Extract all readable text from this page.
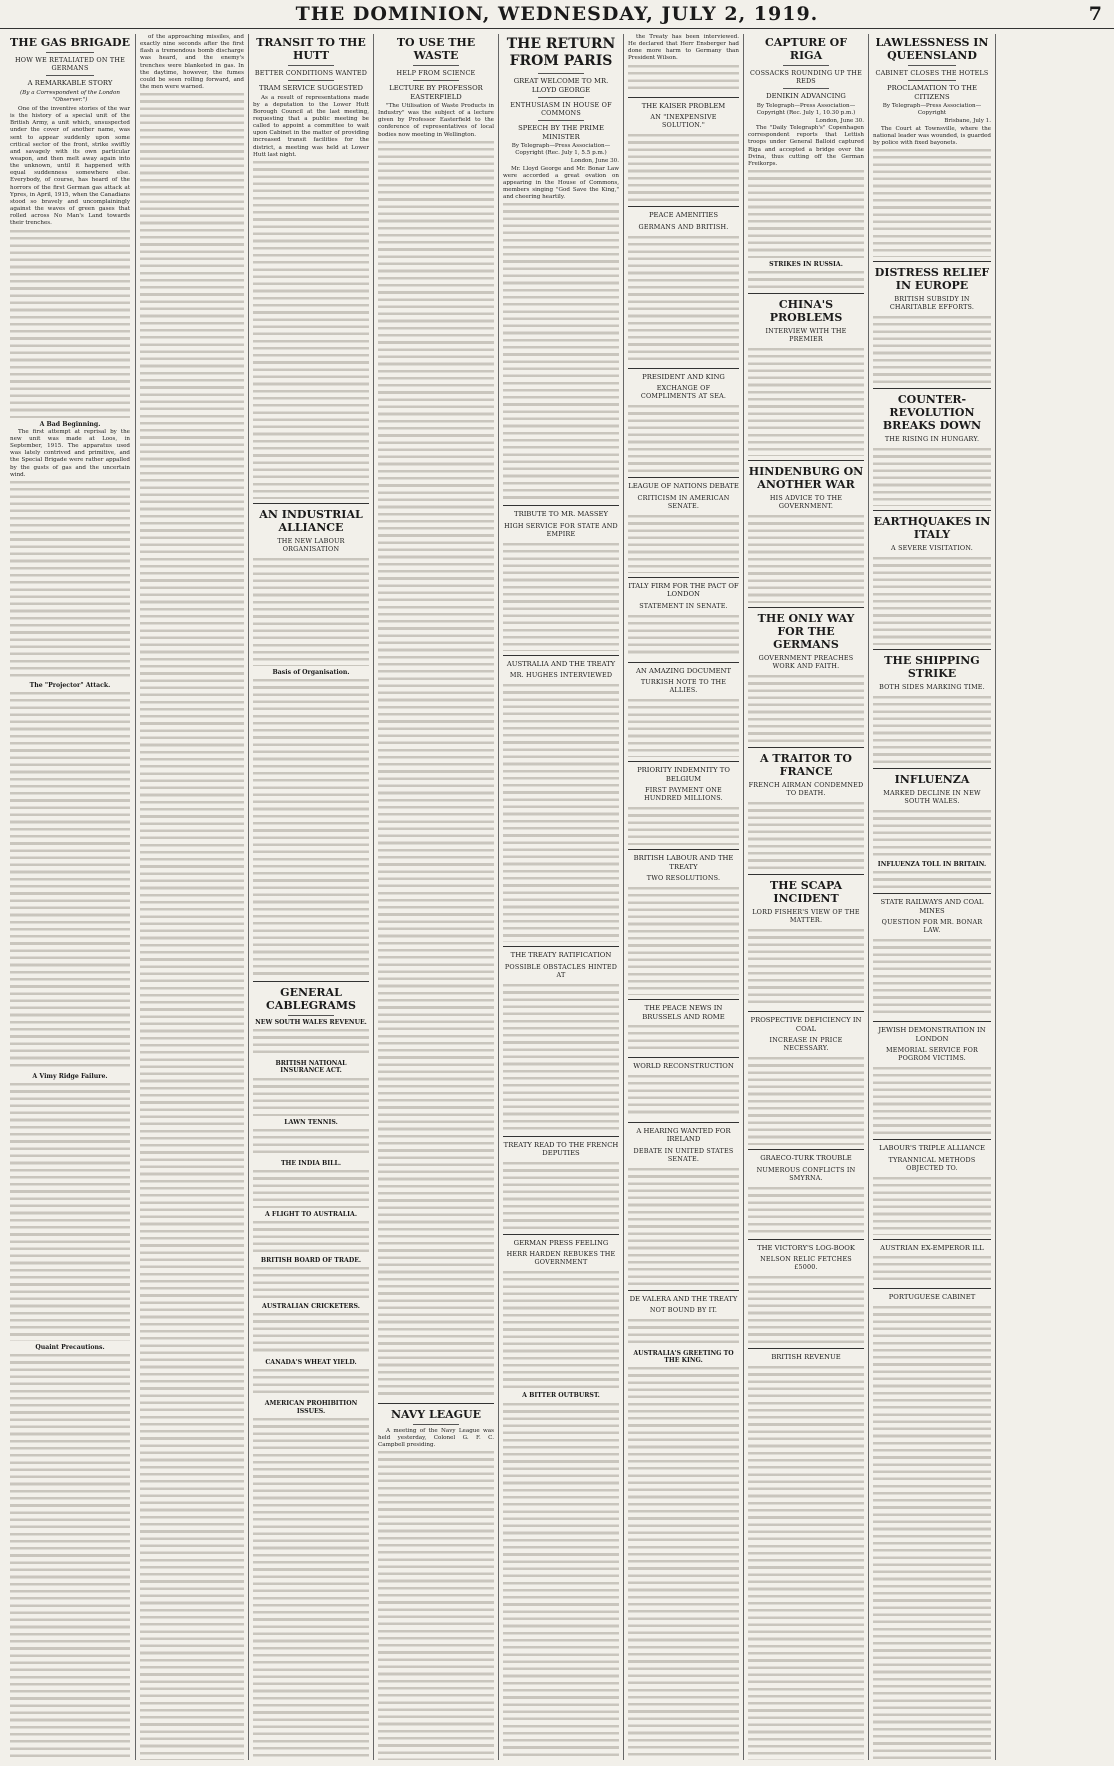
THE DOMINION, WEDNESDAY, JULY 2, 1919.	7
THE GAS BRIGADE
HOW WE RETALIATED ON THE GERMANS
A REMARKABLE STORY
(By a Correspondent of the London "Observer.")

One of the inventive stories of the war is the history of a special unit of the British Army, a unit which, unsuspected under the cover of another name, was sent to appear suddenly upon some critical sector of the front, strike swiftly and savagely with its own particular weapon, and then melt away again into the unknown, until it happened with equal suddenness somewhere else. Everybody, of course, has heard of the horrors of the first German gas attack at Ypres, in April, 1915, when the Canadians stood so bravely and uncomplainingly against the waves of green gases that rolled across No Man's Land towards their trenches.

A Bad Beginning.

The first attempt at reprisal by the new unit was made at Loos, in September, 1915. The apparatus used was lately contrived and primitive, and the Special Brigade were rather appalled by the gusts of gas and the uncertain wind.

The "Projector" Attack.
A Vimy Ridge Failure.
Quaint Precautions.

of the approaching missiles, and exactly nine seconds after the first flash a tremendous bomb discharge was heard, and the enemy's trenches were blanketed in gas. In the daytime, however, the fumes could be seen rolling forward, and the men were warned.

TRANSIT TO THE HUTT
BETTER CONDITIONS WANTED
TRAM SERVICE SUGGESTED

As a result of representations made by a deputation to the Lower Hutt Borough Council at the last meeting, requesting that a public meeting be called to appoint a committee to wait upon Cabinet in the matter of providing increased transit facilities for the district, a meeting was held at Lower Hutt last night.

AN INDUSTRIAL ALLIANCE
THE NEW LABOUR ORGANISATION
Basis of Organisation.
GENERAL CABLEGRAMS
NEW SOUTH WALES REVENUE.
BRITISH NATIONAL INSURANCE ACT.
LAWN TENNIS.
THE INDIA BILL.
A FLIGHT TO AUSTRALIA.
BRITISH BOARD OF TRADE.
AUSTRALIAN CRICKETERS.
CANADA'S WHEAT YIELD.
AMERICAN PROHIBITION ISSUES.
TO USE THE WASTE
HELP FROM SCIENCE
LECTURE BY PROFESSOR EASTERFIELD

"The Utilisation of Waste Products in Industry" was the subject of a lecture given by Professor Easterfield to the conference of representatives of local bodies now meeting in Wellington.

NAVY LEAGUE

A meeting of the Navy League was held yesterday, Colonel G. F. C. Campbell presiding.

THE RETURN FROM PARIS
GREAT WELCOME TO MR. LLOYD GEORGE
ENTHUSIASM IN HOUSE OF COMMONS
SPEECH BY THE PRIME MINISTER
By Telegraph—Press Association—Copyright (Rec. July 1, 5.5 p.m.)
London, June 30.

Mr. Lloyd George and Mr. Bonar Law were accorded a great ovation on appearing in the House of Commons, members singing "God Save the King," and cheering heartily.

TRIBUTE TO MR. MASSEY
HIGH SERVICE FOR STATE AND EMPIRE
AUSTRALIA AND THE TREATY
MR. HUGHES INTERVIEWED
THE TREATY RATIFICATION
POSSIBLE OBSTACLES HINTED AT
TREATY READ TO THE FRENCH DEPUTIES
GERMAN PRESS FEELING
HERR HARDEN REBUKES THE GOVERNMENT
A BITTER OUTBURST.

the Treaty has been interviewed. He declared that Herr Ensberger had done more harm to Germany than President Wilson.

THE KAISER PROBLEM
AN "INEXPENSIVE SOLUTION."
PEACE AMENITIES
GERMANS AND BRITISH.
PRESIDENT AND KING
EXCHANGE OF COMPLIMENTS AT SEA.
LEAGUE OF NATIONS DEBATE
CRITICISM IN AMERICAN SENATE.
ITALY FIRM FOR THE PACT OF LONDON
STATEMENT IN SENATE.
AN AMAZING DOCUMENT
TURKISH NOTE TO THE ALLIES.
PRIORITY INDEMNITY TO BELGIUM
FIRST PAYMENT ONE HUNDRED MILLIONS.
BRITISH LABOUR AND THE TREATY
TWO RESOLUTIONS.
THE PEACE NEWS IN BRUSSELS AND ROME
WORLD RECONSTRUCTION
A HEARING WANTED FOR IRELAND
DEBATE IN UNITED STATES SENATE.
DE VALERA AND THE TREATY
NOT BOUND BY IT.
AUSTRALIA'S GREETING TO THE KING.
CAPTURE OF RIGA
COSSACKS ROUNDING UP THE REDS
DENIKIN ADVANCING
By Telegraph—Press Association—Copyright (Rec. July 1, 10.30 p.m.)
London, June 30.

The "Daily Telegraph's" Copenhagen correspondent reports that Lettish troops under General Balloid captured Riga and accepted a bridge over the Dvina, thus cutting off the German Freikorps.

STRIKES IN RUSSIA.
CHINA'S PROBLEMS
INTERVIEW WITH THE PREMIER
HINDENBURG ON ANOTHER WAR
HIS ADVICE TO THE GOVERNMENT.
THE ONLY WAY FOR THE GERMANS
GOVERNMENT PREACHES WORK AND FAITH.
A TRAITOR TO FRANCE
FRENCH AIRMAN CONDEMNED TO DEATH.
THE SCAPA INCIDENT
LORD FISHER'S VIEW OF THE MATTER.
PROSPECTIVE DEFICIENCY IN COAL
INCREASE IN PRICE NECESSARY.
GRAECO-TURK TROUBLE
NUMEROUS CONFLICTS IN SMYRNA.
THE VICTORY'S LOG-BOOK
NELSON RELIC FETCHES £5000.
BRITISH REVENUE
LAWLESSNESS IN QUEENSLAND
CABINET CLOSES THE HOTELS
PROCLAMATION TO THE CITIZENS
By Telegraph—Press Association—Copyright
Brisbane, July 1.

The Court at Townsville, where the national leader was wounded, is guarded by police with fixed bayonets.

DISTRESS RELIEF IN EUROPE
BRITISH SUBSIDY IN CHARITABLE EFFORTS.
COUNTER-REVOLUTION BREAKS DOWN
THE RISING IN HUNGARY.
EARTHQUAKES IN ITALY
A SEVERE VISITATION.
THE SHIPPING STRIKE
BOTH SIDES MARKING TIME.
INFLUENZA
MARKED DECLINE IN NEW SOUTH WALES.
INFLUENZA TOLL IN BRITAIN.
STATE RAILWAYS AND COAL MINES
QUESTION FOR MR. BONAR LAW.
JEWISH DEMONSTRATION IN LONDON
MEMORIAL SERVICE FOR POGROM VICTIMS.
LABOUR'S TRIPLE ALLIANCE
TYRANNICAL METHODS OBJECTED TO.
AUSTRIAN EX-EMPEROR ILL
PORTUGUESE CABINET
